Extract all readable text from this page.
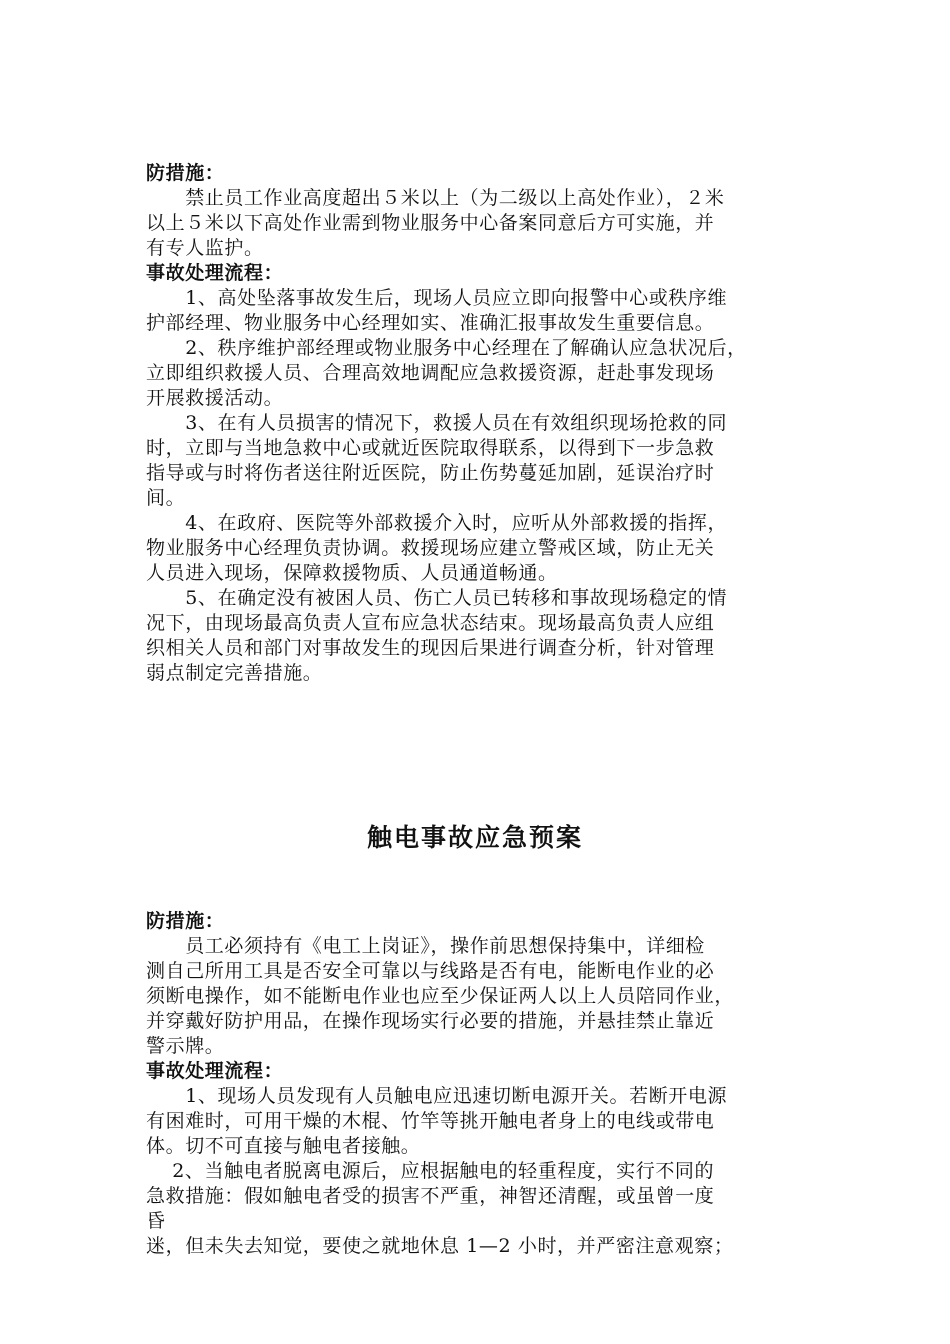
防措施：
　　禁止员工作业高度超出５米以上（为二级以上高处作业），２米
以上５米以下高处作业需到物业服务中心备案同意后方可实施，并
有专人监护。
事故处理流程：
　　1、高处坠落事故发生后，现场人员应立即向报警中心或秩序维
护部经理、物业服务中心经理如实、准确汇报事故发生重要信息。
　　2、秩序维护部经理或物业服务中心经理在了解确认应急状况后，
立即组织救援人员、合理高效地调配应急救援资源，赶赴事发现场
开展救援活动。
　　3、在有人员损害的情况下，救援人员在有效组织现场抢救的同
时，立即与当地急救中心或就近医院取得联系，以得到下一步急救
指导或与时将伤者送往附近医院，防止伤势蔓延加剧，延误治疗时
间。
　　4、在政府、医院等外部救援介入时，应听从外部救援的指挥，
物业服务中心经理负责协调。救援现场应建立警戒区域，防止无关
人员进入现场，保障救援物质、人员通道畅通。
　　5、在确定没有被困人员、伤亡人员已转移和事故现场稳定的情
况下，由现场最高负责人宣布应急状态结束。现场最高负责人应组
织相关人员和部门对事故发生的现因后果进行调查分析，针对管理
弱点制定完善措施。
触电事故应急预案
防措施：
　　员工必须持有《电工上岗证》，操作前思想保持集中，详细检
测自己所用工具是否安全可靠以与线路是否有电，能断电作业的必
须断电操作，如不能断电作业也应至少保证两人以上人员陪同作业，
并穿戴好防护用品，在操作现场实行必要的措施，并悬挂禁止靠近
警示牌。
事故处理流程：
　　1、现场人员发现有人员触电应迅速切断电源开关。若断开电源
有困难时，可用干燥的木棍、竹竿等挑开触电者身上的电线或带电
体。切不可直接与触电者接触。
　 2、当触电者脱离电源后，应根据触电的轻重程度，实行不同的
急救措施：假如触电者受的损害不严重，神智还清醒，或虽曾一度
昏
迷，但未失去知觉，要使之就地休息 1—2 小时，并严密注意观察；
